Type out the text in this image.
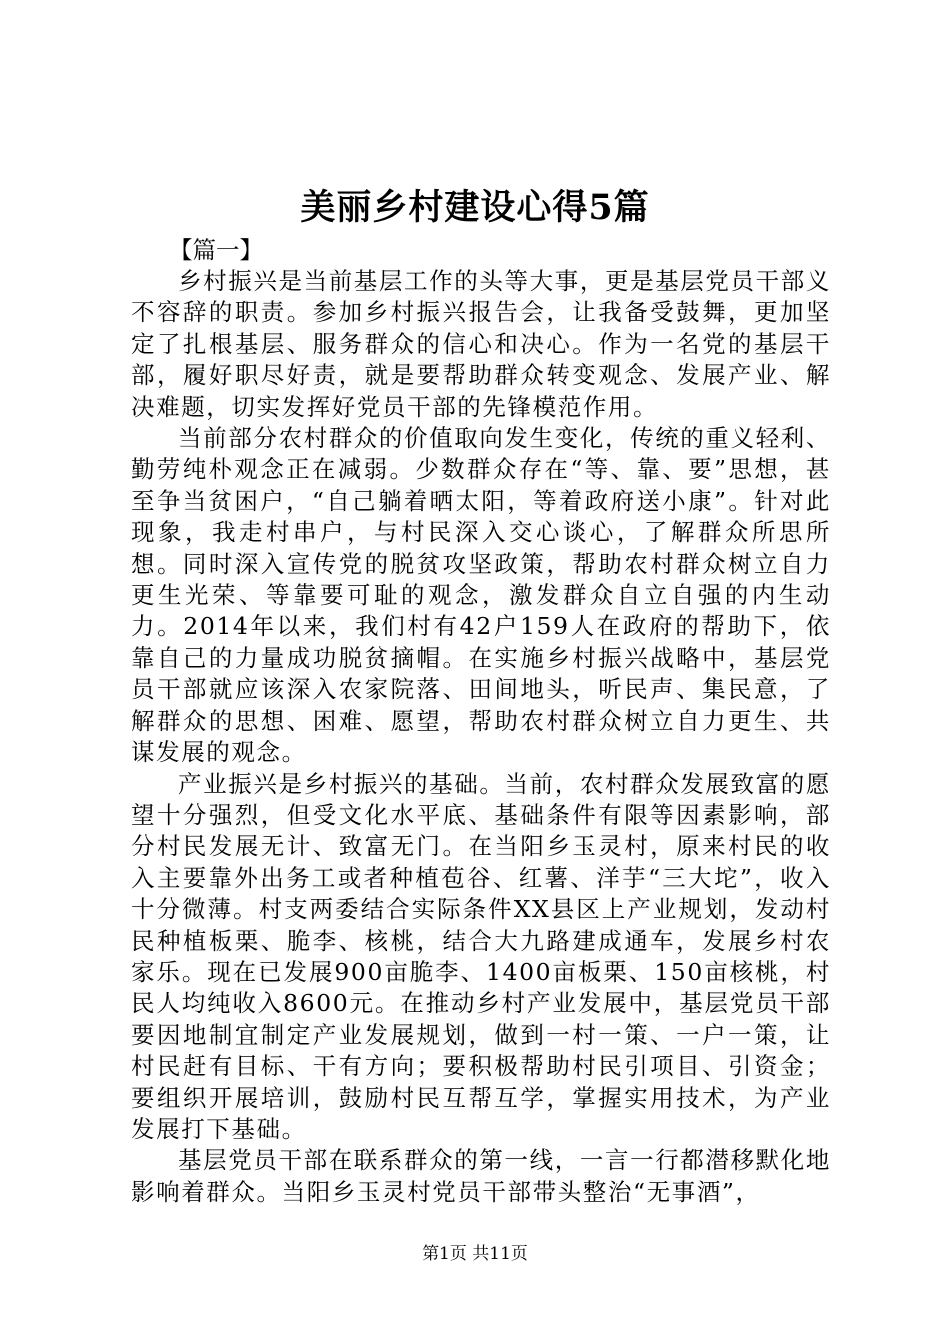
美丽乡村建设心得5篇

【篇一】

乡村振兴是当前基层工作的头等大事，更是基层党员干部义不容辞的职责。参加乡村振兴报告会，让我备受鼓舞，更加坚定了扎根基层、服务群众的信心和决心。作为一名党的基层干部，履好职尽好责，就是要帮助群众转变观念、发展产业、解决难题，切实发挥好党员干部的先锋模范作用。

当前部分农村群众的价值取向发生变化，传统的重义轻利、勤劳纯朴观念正在减弱。少数群众存在“等、靠、要”思想，甚至争当贫困户，“自己躺着晒太阳，等着政府送小康”。针对此现象，我走村串户，与村民深入交心谈心，了解群众所思所想。同时深入宣传党的脱贫攻坚政策，帮助农村群众树立自力更生光荣、等靠要可耻的观念，激发群众自立自强的内生动力。2014年以来，我们村有42户159人在政府的帮助下，依靠自己的力量成功脱贫摘帽。在实施乡村振兴战略中，基层党员干部就应该深入农家院落、田间地头，听民声、集民意，了解群众的思想、困难、愿望，帮助农村群众树立自力更生、共谋发展的观念。

产业振兴是乡村振兴的基础。当前，农村群众发展致富的愿望十分强烈，但受文化水平底、基础条件有限等因素影响，部分村民发展无计、致富无门。在当阳乡玉灵村，原来村民的收入主要靠外出务工或者种植苞谷、红薯、洋芋“三大坨”，收入十分微薄。村支两委结合实际条件XX县区上产业规划，发动村民种植板栗、脆李、核桃，结合大九路建成通车，发展乡村农家乐。现在已发展900亩脆李、1400亩板栗、150亩核桃，村民人均纯收入8600元。在推动乡村产业发展中，基层党员干部要因地制宜制定产业发展规划，做到一村一策、一户一策，让村民赶有目标、干有方向；要积极帮助村民引项目、引资金；要组织开展培训，鼓励村民互帮互学，掌握实用技术，为产业发展打下基础。

基层党员干部在联系群众的第一线，一言一行都潜移默化地影响着群众。当阳乡玉灵村党员干部带头整治“无事酒”，

第1页 共11页
